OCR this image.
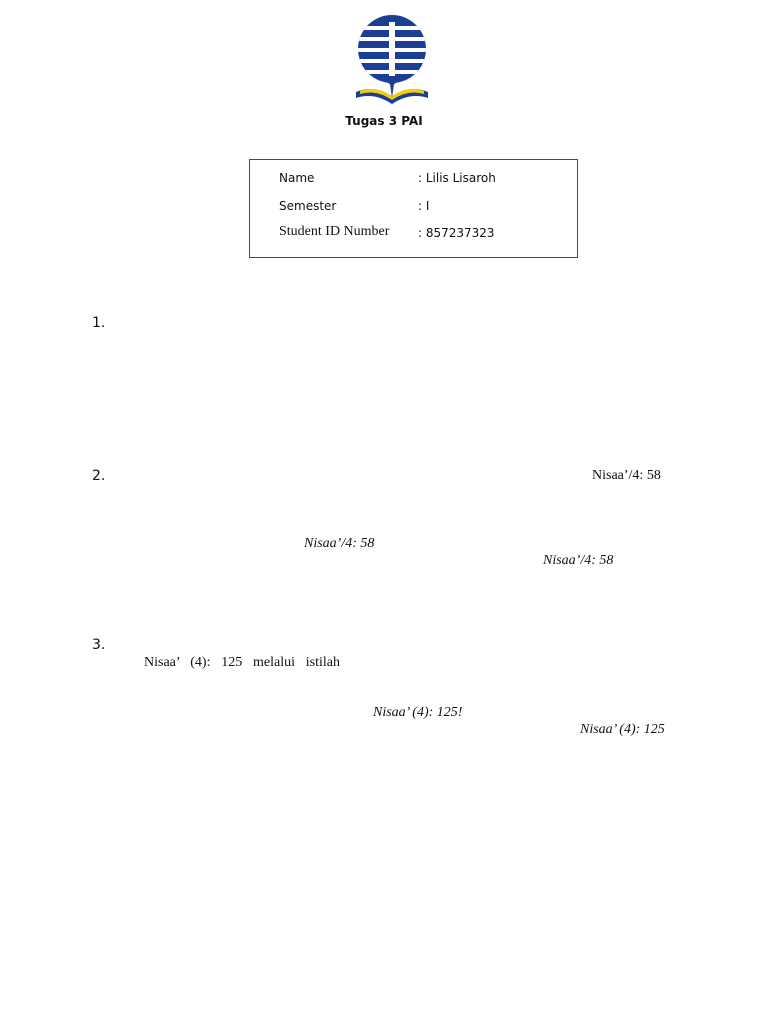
Tugas 3 PAI
Name	: Lilis Lisaroh
Semester	: I
Student ID Number : 857237323
1.
2.	Nisaa’/4: 58
Nisaa’/4: 58
Nisaa’/4: 58
3.
Nisaa’ (4): 125 melalui istilah
Nisaa’ (4): 125!
Nisaa’ (4): 125
